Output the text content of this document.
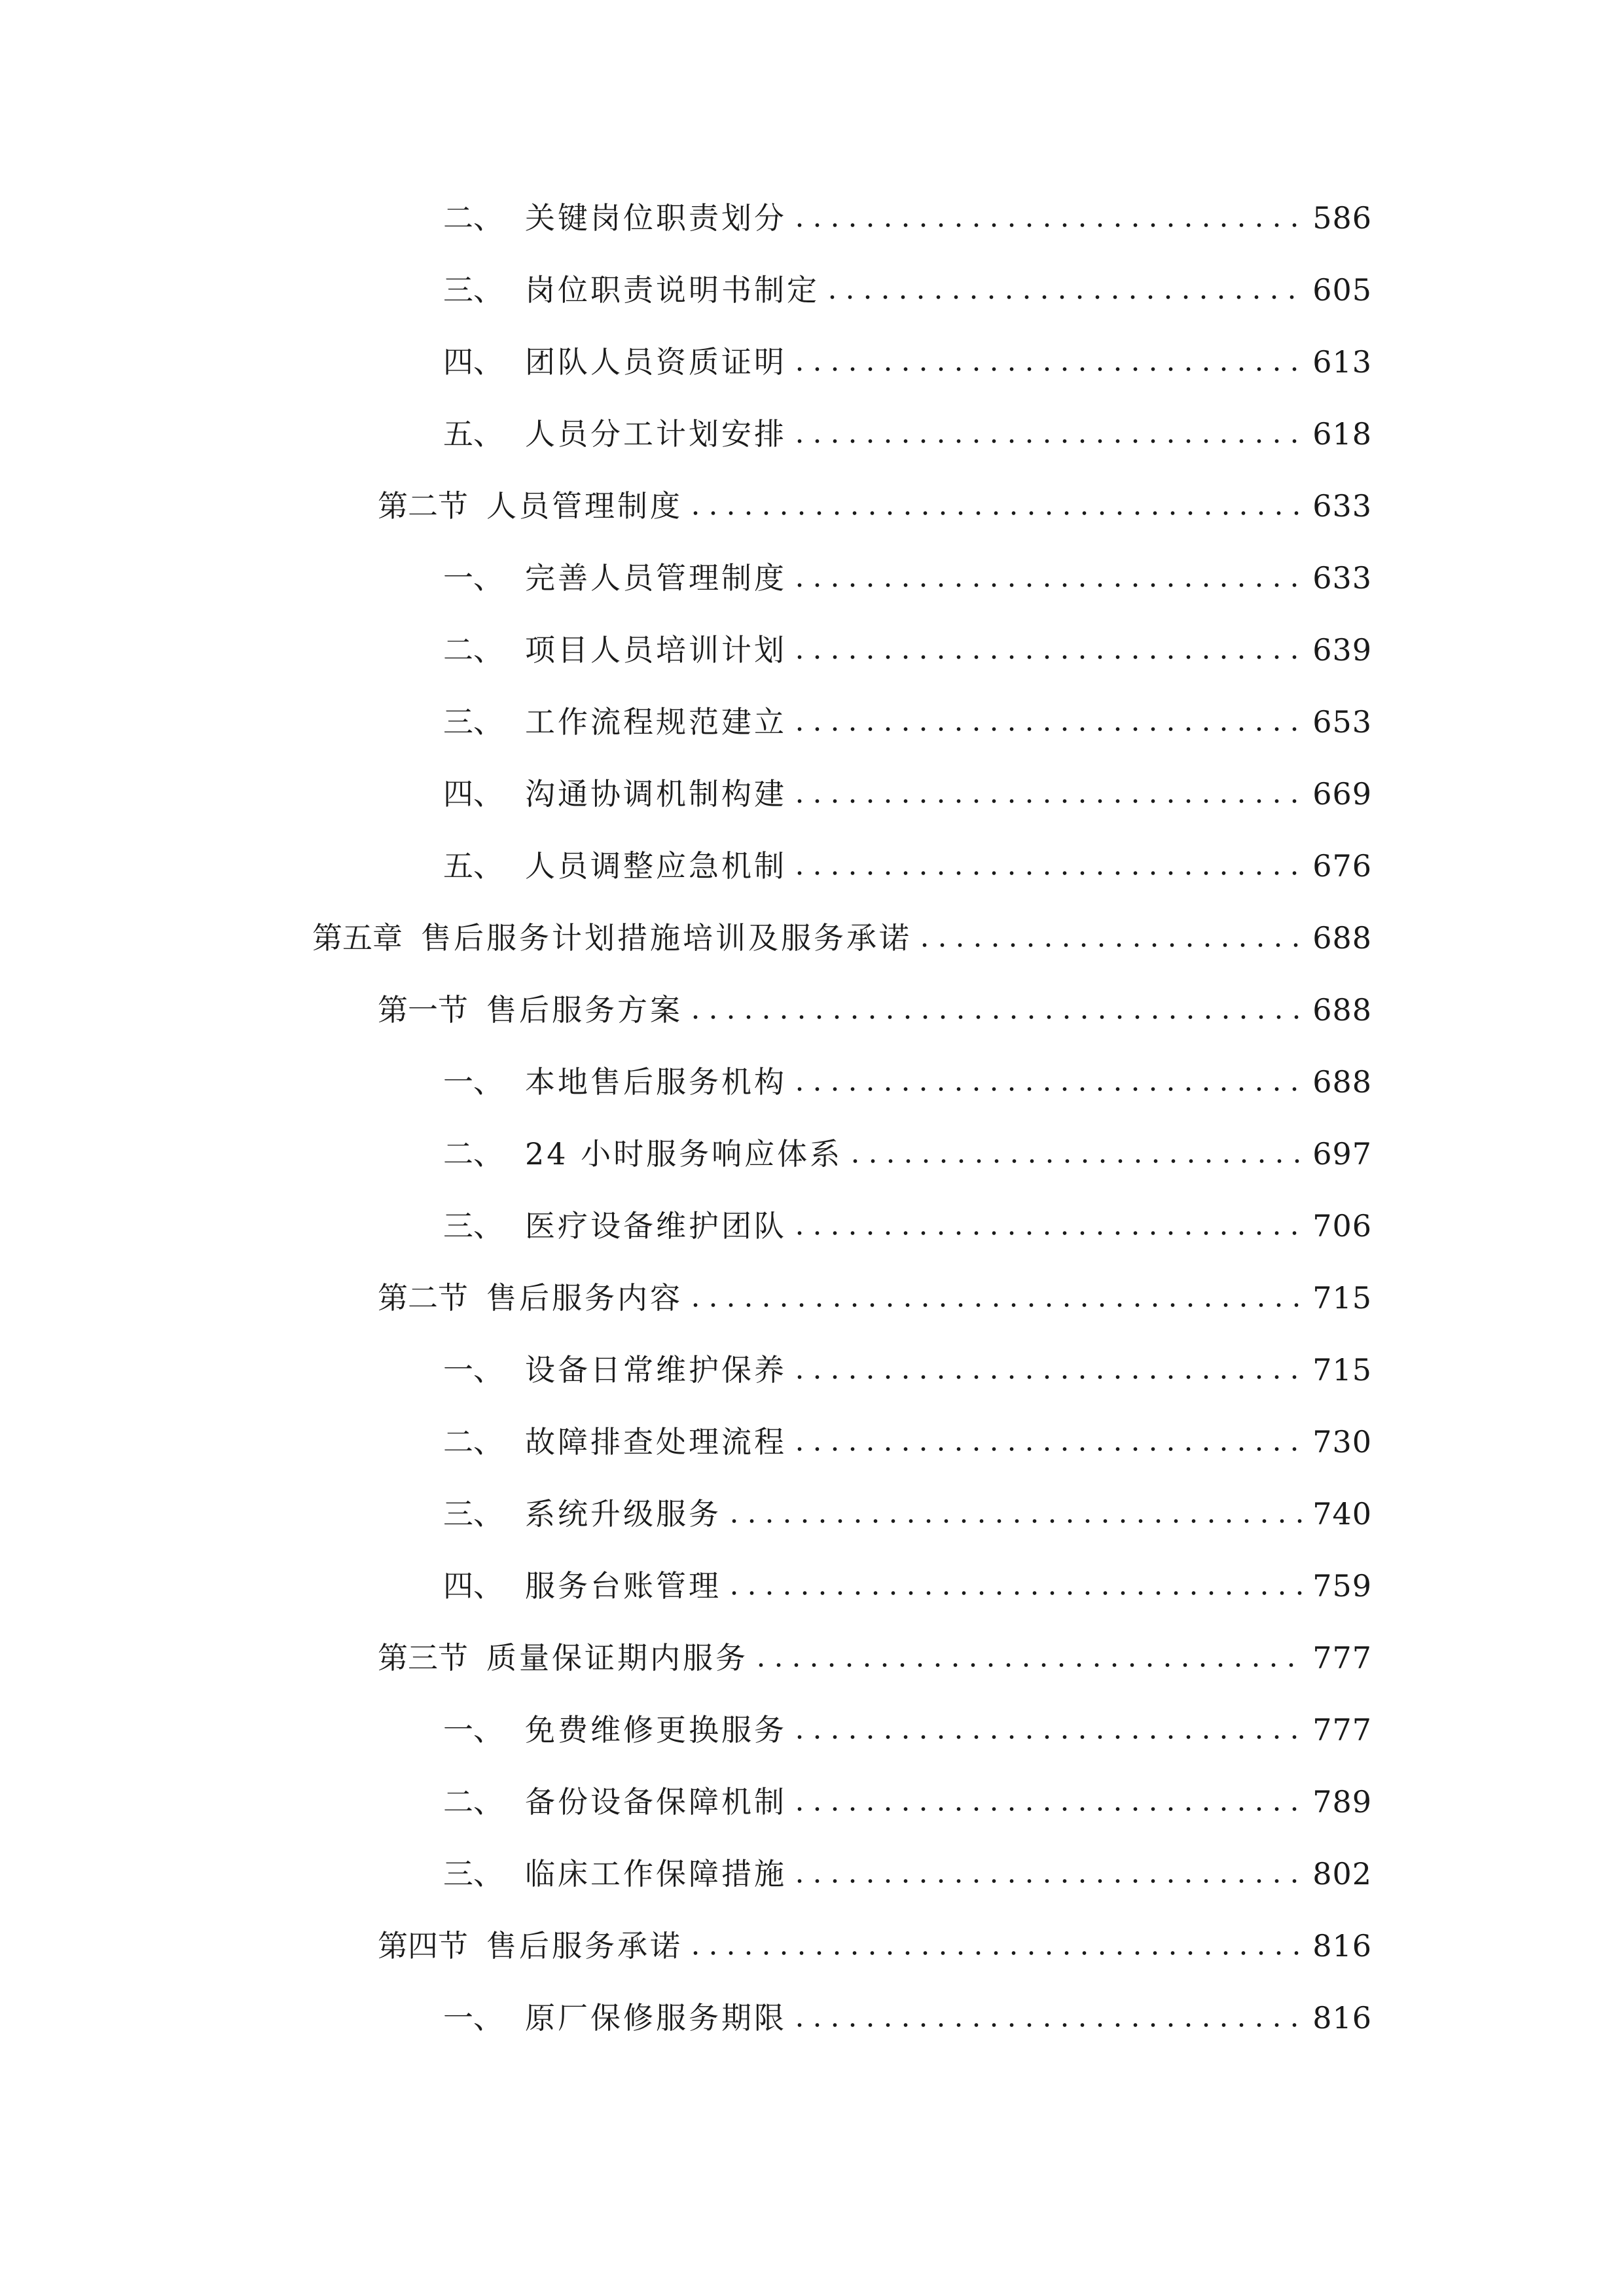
二、 关键岗位职责划分	586
三、 岗位职责说明书制定	605
四、 团队人员资质证明	613
五、 人员分工计划安排	618
第二节 人员管理制度	633
一、 完善人员管理制度	633
二、 项目人员培训计划	639
三、 工作流程规范建立	653
四、 沟通协调机制构建	669
五、 人员调整应急机制	676
第五章 售后服务计划措施培训及服务承诺	688
第一节 售后服务方案	688
一、 本地售后服务机构	688
二、 24 小时服务响应体系	697
三、 医疗设备维护团队	706
第二节 售后服务内容	715
一、 设备日常维护保养	715
二、 故障排查处理流程	730
三、 系统升级服务	740
四、 服务台账管理	759
第三节 质量保证期内服务	777
一、 免费维修更换服务	777
二、 备份设备保障机制	789
三、 临床工作保障措施	802
第四节 售后服务承诺	816
一、 原厂保修服务期限	816
